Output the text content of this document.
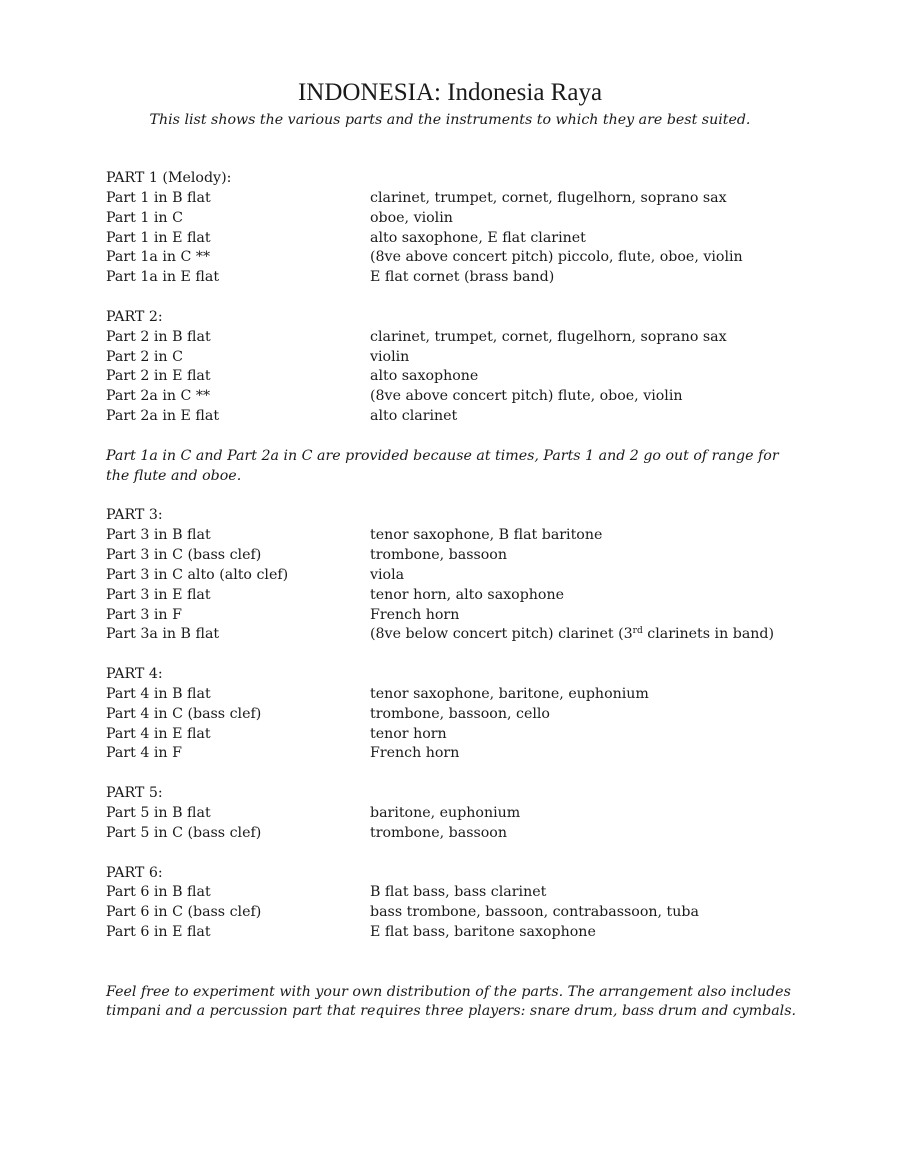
INDONESIA: Indonesia Raya
This list shows the various parts and the instruments to which they are best suited.
PART 1 (Melody):
Part 1 in B flat	clarinet, trumpet, cornet, flugelhorn, soprano sax
Part 1 in C	oboe, violin
Part 1 in E flat	alto saxophone, E flat clarinet
Part 1a in C **	(8ve above concert pitch) piccolo, flute, oboe, violin
Part 1a in E flat	E flat cornet (brass band)
PART 2:
Part 2 in B flat	clarinet, trumpet, cornet, flugelhorn, soprano sax
Part 2 in C	violin
Part 2 in E flat	alto saxophone
Part 2a in C **	(8ve above concert pitch) flute, oboe, violin
Part 2a in E flat	alto clarinet
Part 1a in C and Part 2a in C are provided because at times, Parts 1 and 2 go out of range for the flute and oboe.
PART 3:
Part 3 in B flat	tenor saxophone, B flat baritone
Part 3 in C (bass clef)	trombone, bassoon
Part 3 in C alto (alto clef)	viola
Part 3 in E flat	tenor horn, alto saxophone
Part 3 in F	French horn
Part 3a in B flat	(8ve below concert pitch) clarinet (3rd clarinets in band)
PART 4:
Part 4 in B flat	tenor saxophone, baritone, euphonium
Part 4 in C (bass clef)	trombone, bassoon, cello
Part 4 in E flat	tenor horn
Part 4 in F	French horn
PART 5:
Part 5 in B flat	baritone, euphonium
Part 5 in C (bass clef)	trombone, bassoon
PART 6:
Part 6 in B flat	B flat bass, bass clarinet
Part 6 in C (bass clef)	bass trombone, bassoon, contrabassoon, tuba
Part 6 in E flat	E flat bass, baritone saxophone
Feel free to experiment with your own distribution of the parts. The arrangement also includes timpani and a percussion part that requires three players: snare drum, bass drum and cymbals.
